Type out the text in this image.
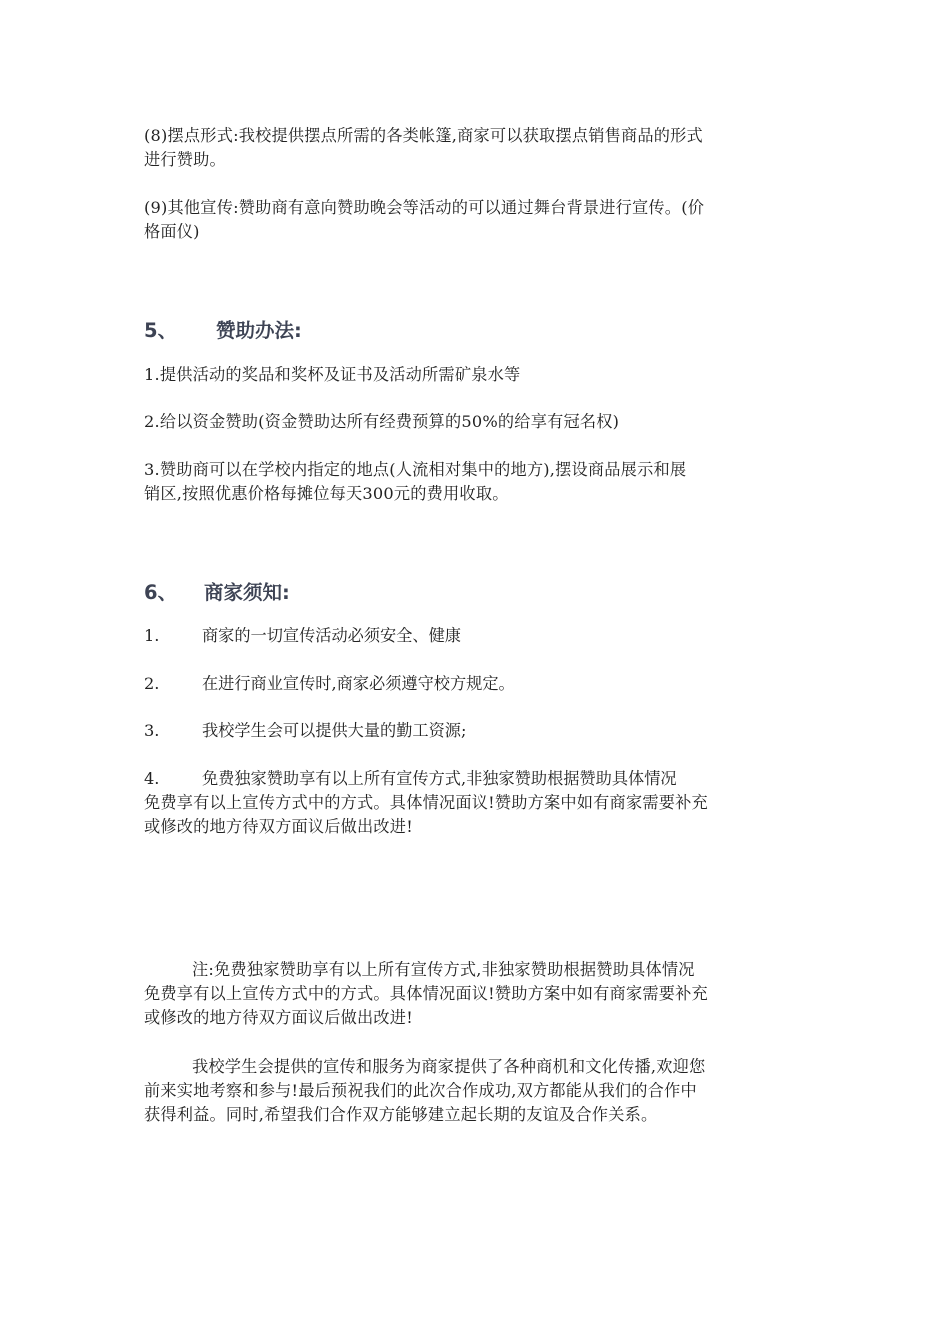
(8)摆点形式:我校提供摆点所需的各类帐篷,商家可以获取摆点销售商品的形式
进行赞助。
(9)其他宣传:赞助商有意向赞助晚会等活动的可以通过舞台背景进行宣传。(价
格面仪)
5、 赞助办法:
1.提供活动的奖品和奖杯及证书及活动所需矿泉水等
2.给以资金赞助(资金赞助达所有经费预算的50%的给享有冠名权)
3.赞助商可以在学校内指定的地点(人流相对集中的地方),摆设商品展示和展
销区,按照优惠价格每摊位每天300元的费用收取。
6、 商家须知:
1.	商家的一切宣传活动必须安全、健康
2.	在进行商业宣传时,商家必须遵守校方规定。
3.	我校学生会可以提供大量的勤工资源;
4.	免费独家赞助享有以上所有宣传方式,非独家赞助根据赞助具体情况
免费享有以上宣传方式中的方式。具体情况面议!赞助方案中如有商家需要补充
或修改的地方待双方面议后做出改进!
注:免费独家赞助享有以上所有宣传方式,非独家赞助根据赞助具体情况
免费享有以上宣传方式中的方式。具体情况面议!赞助方案中如有商家需要补充
或修改的地方待双方面议后做出改进!
我校学生会提供的宣传和服务为商家提供了各种商机和文化传播,欢迎您
前来实地考察和参与!最后预祝我们的此次合作成功,双方都能从我们的合作中
获得利益。同时,希望我们合作双方能够建立起长期的友谊及合作关系。
